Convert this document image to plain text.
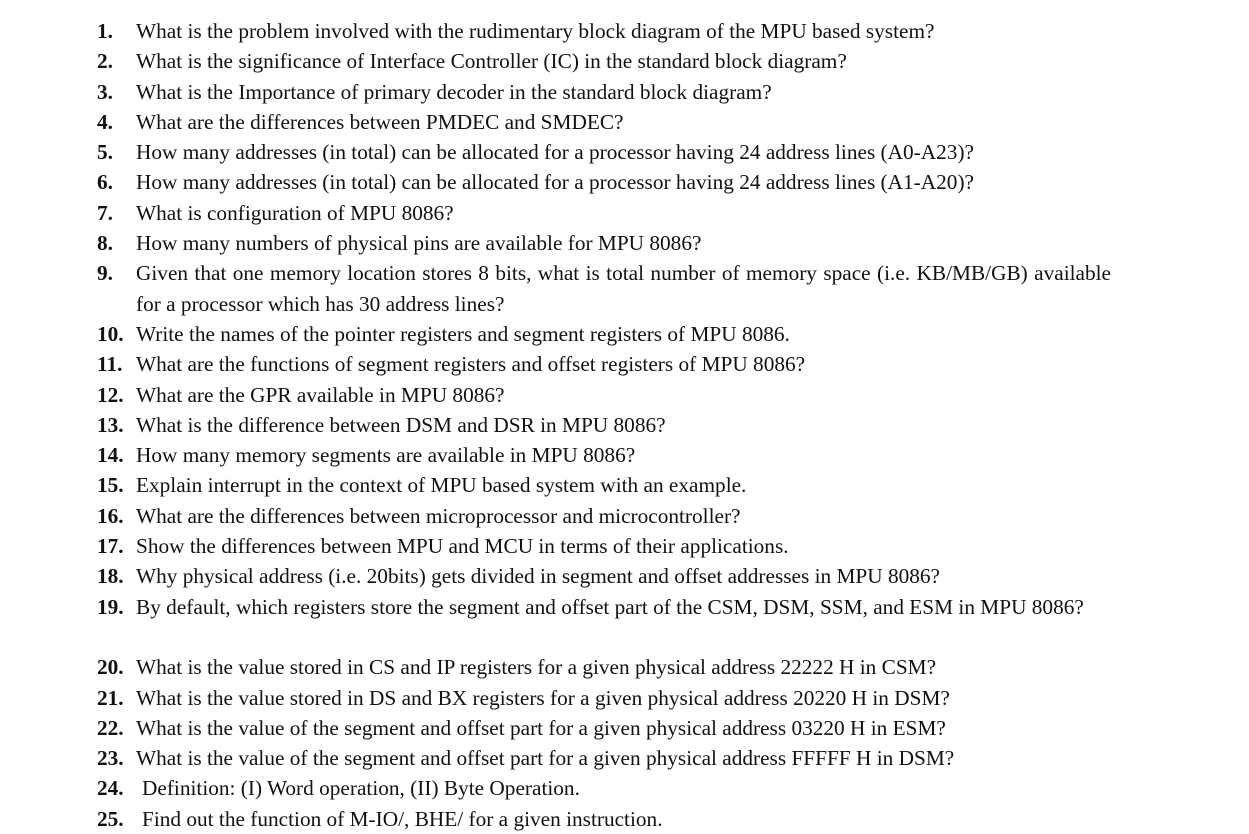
1. What is the problem involved with the rudimentary block diagram of the MPU based system?
2. What is the significance of Interface Controller (IC) in the standard block diagram?
3. What is the Importance of primary decoder in the standard block diagram?
4. What are the differences between PMDEC and SMDEC?
5. How many addresses (in total) can be allocated for a processor having 24 address lines (A0-A23)?
6. How many addresses (in total) can be allocated for a processor having 24 address lines (A1-A20)?
7. What is configuration of MPU 8086?
8. How many numbers of physical pins are available for MPU 8086?
9. Given that one memory location stores 8 bits, what is total number of memory space (i.e. KB/MB/GB) available for a processor which has 30 address lines?
10. Write the names of the pointer registers and segment registers of MPU 8086.
11. What are the functions of segment registers and offset registers of MPU 8086?
12. What are the GPR available in MPU 8086?
13. What is the difference between DSM and DSR in MPU 8086?
14. How many memory segments are available in MPU 8086?
15. Explain interrupt in the context of MPU based system with an example.
16. What are the differences between microprocessor and microcontroller?
17. Show the differences between MPU and MCU in terms of their applications.
18. Why physical address (i.e. 20bits) gets divided in segment and offset addresses in MPU 8086?
19. By default, which registers store the segment and offset part of the CSM, DSM, SSM, and ESM in MPU 8086?
20. What is the value stored in CS and IP registers for a given physical address 22222 H in CSM?
21. What is the value stored in DS and BX registers for a given physical address 20220 H in DSM?
22. What is the value of the segment and offset part for a given physical address 03220 H in ESM?
23. What is the value of the segment and offset part for a given physical address FFFFF H in DSM?
24. Definition: (I) Word operation, (II) Byte Operation.
25. Find out the function of M-IO/, BHE/ for a given instruction.
